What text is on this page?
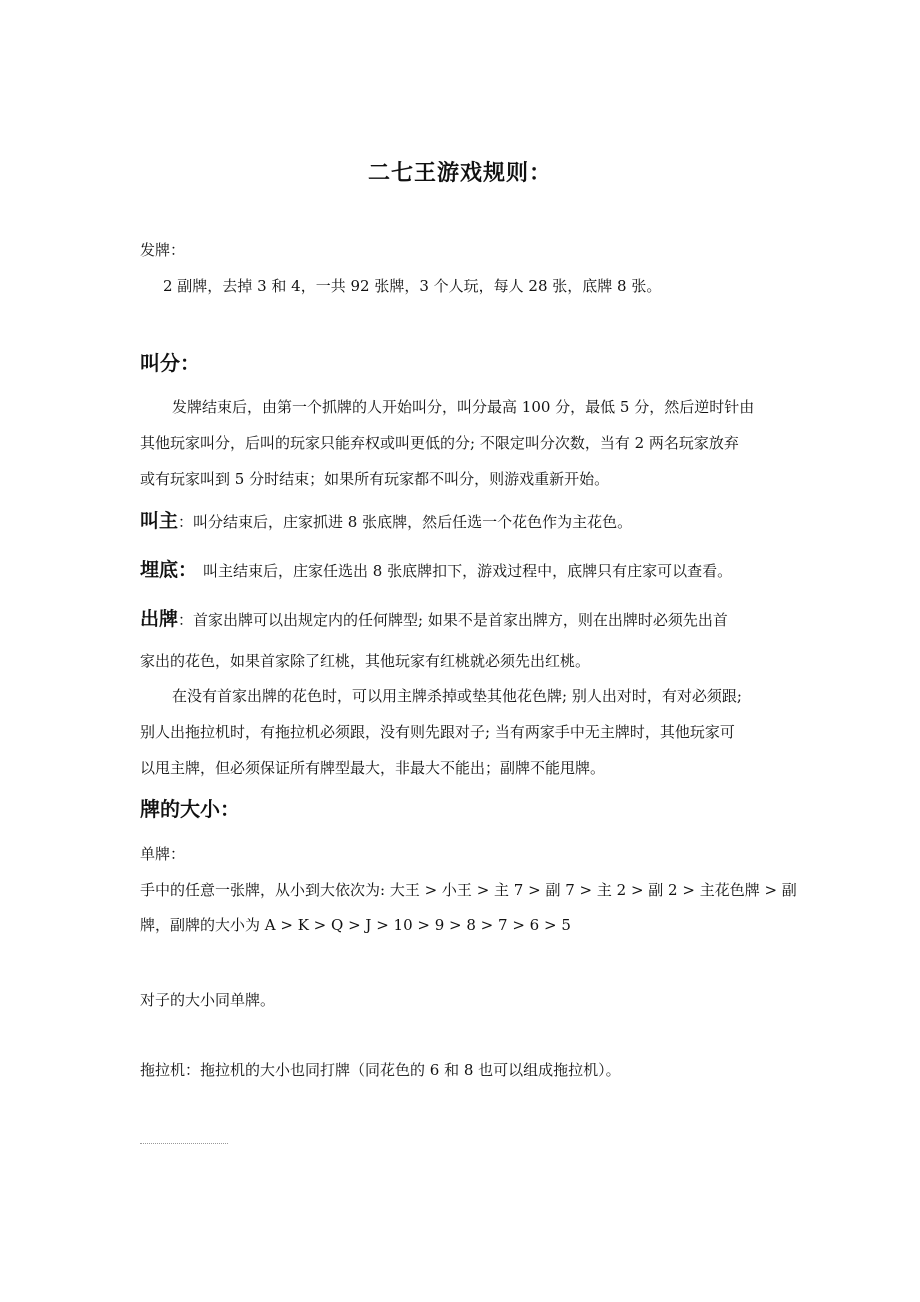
二七王游戏规则：
发牌：
2 副牌，去掉 3 和 4，一共 92 张牌，3 个人玩，每人 28 张，底牌 8 张。
叫分：
发牌结束后，由第一个抓牌的人开始叫分，叫分最高 100 分，最低 5 分，然后逆时针由
其他玩家叫分，后叫的玩家只能弃权或叫更低的分; 不限定叫分次数，当有 2 两名玩家放弃
或有玩家叫到 5 分时结束；如果所有玩家都不叫分，则游戏重新开始。
叫主：叫分结束后，庄家抓进 8 张底牌，然后任选一个花色作为主花色。
埋底： 叫主结束后，庄家任选出 8 张底牌扣下，游戏过程中，底牌只有庄家可以查看。
出牌：首家出牌可以出规定内的任何牌型; 如果不是首家出牌方，则在出牌时必须先出首
家出的花色，如果首家除了红桃，其他玩家有红桃就必须先出红桃。
在没有首家出牌的花色时，可以用主牌杀掉或垫其他花色牌; 别人出对时，有对必须跟;
别人出拖拉机时，有拖拉机必须跟，没有则先跟对子; 当有两家手中无主牌时，其他玩家可
以甩主牌，但必须保证所有牌型最大，非最大不能出；副牌不能甩牌。
牌的大小：
单牌：
手中的任意一张牌，从小到大依次为: 大王 > 小王 > 主 7 > 副 7 > 主 2 > 副 2 > 主花色牌 > 副
牌，副牌的大小为 A > K > Q > J > 10 > 9 > 8 > 7 > 6 > 5
对子的大小同单牌。
拖拉机：拖拉机的大小也同打牌（同花色的 6 和 8 也可以组成拖拉机）。
